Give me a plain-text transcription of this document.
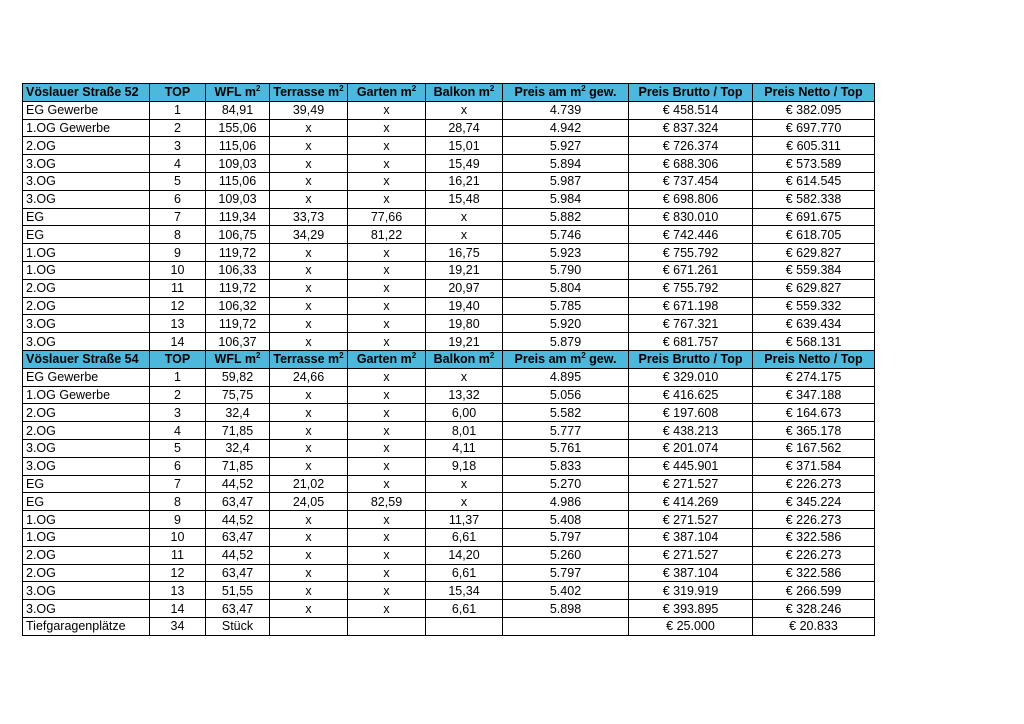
Vöslauer Straße 52	TOP	WFL $m^2$	Terrasse $m^2$	Garten $m^2$	Balkon $m^2$	Preis am $m^2$ gew.	Preis Brutto / Top	Preis Netto / Top
EG Gewerbe	1	84,91	39,49	x	x	4.739	€ 458.514	€ 382.095
1.OG Gewerbe	2	155,06	x	x	28,74	4.942	€ 837.324	€ 697.770
2.OG	3	115,06	x	x	15,01	5.927	€ 726.374	€ 605.311
3.OG	4	109,03	x	x	15,49	5.894	€ 688.306	€ 573.589
3.OG	5	115,06	x	x	16,21	5.987	€ 737.454	€ 614.545
3.OG	6	109,03	x	x	15,48	5.984	€ 698.806	€ 582.338
EG	7	119,34	33,73	77,66	x	5.882	€ 830.010	€ 691.675
EG	8	106,75	34,29	81,22	x	5.746	€ 742.446	€ 618.705
1.OG	9	119,72	x	x	16,75	5.923	€ 755.792	€ 629.827
1.OG	10	106,33	x	x	19,21	5.790	€ 671.261	€ 559.384
2.OG	11	119,72	x	x	20,97	5.804	€ 755.792	€ 629.827
2.OG	12	106,32	x	x	19,40	5.785	€ 671.198	€ 559.332
3.OG	13	119,72	x	x	19,80	5.920	€ 767.321	€ 639.434
3.OG	14	106,37	x	x	19,21	5.879	€ 681.757	€ 568.131
Vöslauer Straße 54	TOP	WFL $m^2$	Terrasse $m^2$	Garten $m^2$	Balkon $m^2$	Preis am $m^2$ gew.	Preis Brutto / Top	Preis Netto / Top
EG Gewerbe	1	59,82	24,66	x	x	4.895	€ 329.010	€ 274.175
1.OG Gewerbe	2	75,75	x	x	13,32	5.056	€ 416.625	€ 347.188
2.OG	3	32,4	x	x	6,00	5.582	€ 197.608	€ 164.673
2.OG	4	71,85	x	x	8,01	5.777	€ 438.213	€ 365.178
3.OG	5	32,4	x	x	4,11	5.761	€ 201.074	€ 167.562
3.OG	6	71,85	x	x	9,18	5.833	€ 445.901	€ 371.584
EG	7	44,52	21,02	x	x	5.270	€ 271.527	€ 226.273
EG	8	63,47	24,05	82,59	x	4.986	€ 414.269	€ 345.224
1.OG	9	44,52	x	x	11,37	5.408	€ 271.527	€ 226.273
1.OG	10	63,47	x	x	6,61	5.797	€ 387.104	€ 322.586
2.OG	11	44,52	x	x	14,20	5.260	€ 271.527	€ 226.273
2.OG	12	63,47	x	x	6,61	5.797	€ 387.104	€ 322.586
3.OG	13	51,55	x	x	15,34	5.402	€ 319.919	€ 266.599
3.OG	14	63,47	x	x	6,61	5.898	€ 393.895	€ 328.246
Tiefgaragenplätze	34	Stück					€ 25.000	€ 20.833
